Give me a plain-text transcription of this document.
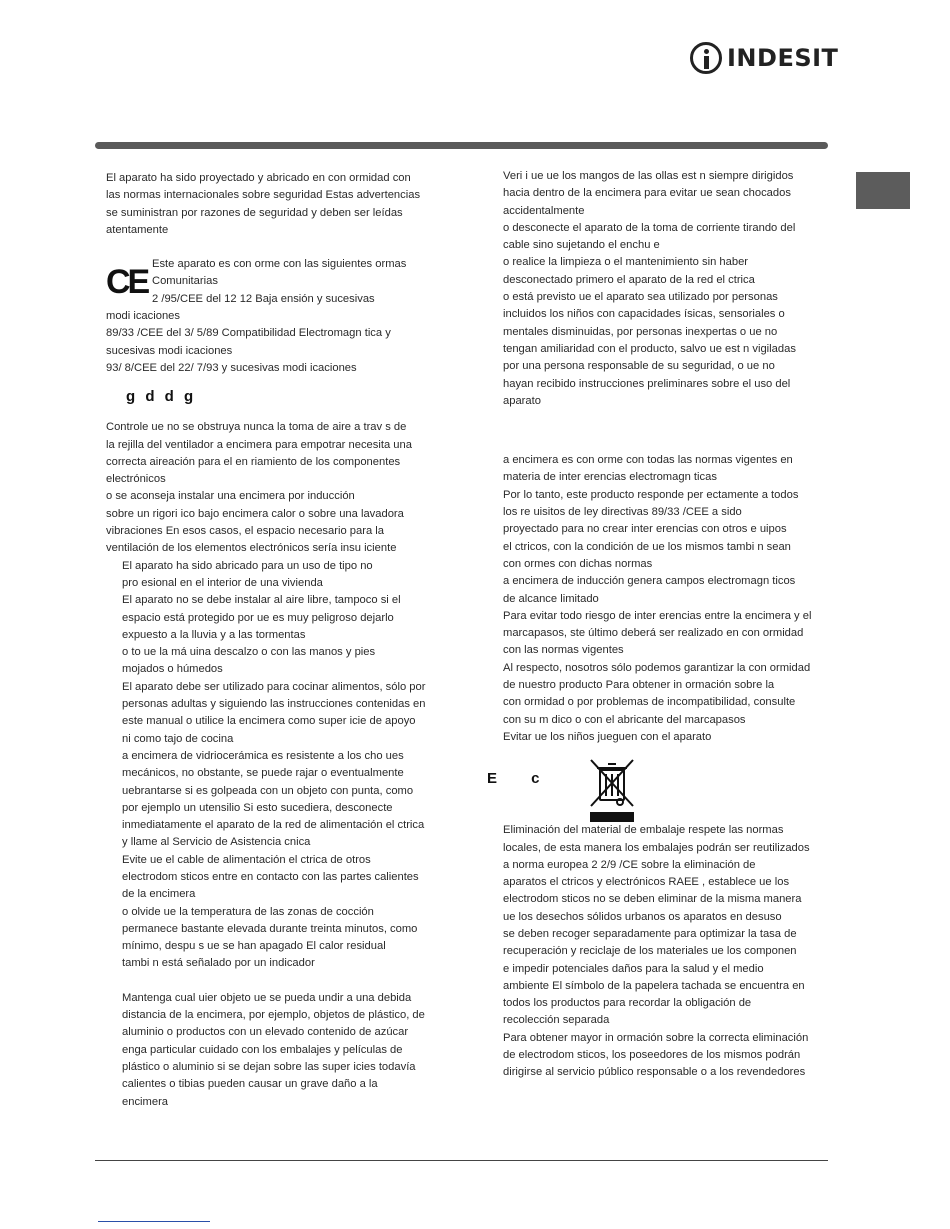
INDESIT

El aparato ha sido proyectado y abricado en con ormidad con

las normas internacionales sobre seguridad Estas advertencias

se suministran por razones de seguridad y deben ser leídas

atentamente

CE Este aparato es con orme con las siguientes ormas

Comunitarias

2 /95/CEE del 12 12 Baja ensión y sucesivas

modi icaciones

89/33 /CEE del 3/ 5/89 Compatibilidad Electromagn tica y

sucesivas modi icaciones

93/ 8/CEE del 22/ 7/93 y sucesivas modi icaciones

g d d g

Controle ue no se obstruya nunca la toma de aire a trav s de

la rejilla del ventilador a encimera para empotrar necesita una

correcta aireación para el en riamiento de los componentes

electrónicos

o se aconseja instalar una encimera por inducción

sobre un rigori ico bajo encimera calor o sobre una lavadora

vibraciones En esos casos, el espacio necesario para la

ventilación de los elementos electrónicos sería insu iciente

El aparato ha sido abricado para un uso de tipo no

pro esional en el interior de una vivienda

El aparato no se debe instalar al aire libre, tampoco si el

espacio está protegido por ue es muy peligroso dejarlo

expuesto a la lluvia y a las tormentas

o to ue la má uina descalzo o con las manos y pies

mojados o húmedos

El aparato debe ser utilizado para cocinar alimentos, sólo por

personas adultas y siguiendo las instrucciones contenidas en

este manual o utilice la encimera como super icie de apoyo

ni como tajo de cocina

a encimera de vidriocerámica es resistente a los cho ues

mecánicos, no obstante, se puede rajar o eventualmente

uebrantarse si es golpeada con un objeto con punta, como

por ejemplo un utensilio Si esto sucediera, desconecte

inmediatamente el aparato de la red de alimentación el ctrica

y llame al Servicio de Asistencia cnica

Evite ue el cable de alimentación el ctrica de otros

electrodom sticos entre en contacto con las partes calientes

de la encimera

o olvide ue la temperatura de las zonas de cocción

permanece bastante elevada durante treinta minutos, como

mínimo, despu s ue se han apagado El calor residual

tambi n está señalado por un indicador

Mantenga cual uier objeto ue se pueda undir a una debida

distancia de la encimera, por ejemplo, objetos de plástico, de

aluminio o productos con un elevado contenido de azúcar

enga particular cuidado con los embalajes y películas de

plástico o aluminio si se dejan sobre las super icies todavía

calientes o tibias pueden causar un grave daño a la

encimera

Veri i ue ue los mangos de las ollas est n siempre dirigidos

hacia dentro de la encimera para evitar ue sean chocados

accidentalmente

o desconecte el aparato de la toma de corriente tirando del

cable sino sujetando el enchu e

o realice la limpieza o el mantenimiento sin haber

desconectado primero el aparato de la red el ctrica

o está previsto ue el aparato sea utilizado por personas

incluidos los niños con capacidades ísicas, sensoriales o

mentales disminuidas, por personas inexpertas o ue no

tengan amiliaridad con el producto, salvo ue est n vigiladas

por una persona responsable de su seguridad, o ue no

hayan recibido instrucciones preliminares sobre el uso del

aparato

a encimera es con orme con todas las normas vigentes en

materia de inter erencias electromagn ticas

Por lo tanto, este producto responde per ectamente a todos

los re uisitos de ley directivas 89/33 /CEE a sido

proyectado para no crear inter erencias con otros e uipos

el ctricos, con la condición de ue los mismos tambi n sean

con ormes con dichas normas

a encimera de inducción genera campos electromagn ticos

de alcance limitado

Para evitar todo riesgo de inter erencias entre la encimera y el

marcapasos, ste último deberá ser realizado en con ormidad

con las normas vigentes

Al respecto, nosotros sólo podemos garantizar la con ormidad

de nuestro producto Para obtener in ormación sobre la

con ormidad o por problemas de incompatibilidad, consulte

con su m dico o con el abricante del marcapasos

Evitar ue los niños jueguen con el aparato

E c

Eliminación del material de embalaje respete las normas

locales, de esta manera los embalajes podrán ser reutilizados

a norma europea 2 2/9 /CE sobre la eliminación de

aparatos el ctricos y electrónicos RAEE , establece ue los

electrodom sticos no se deben eliminar de la misma manera

ue los desechos sólidos urbanos os aparatos en desuso

se deben recoger separadamente para optimizar la tasa de

recuperación y reciclaje de los materiales ue los componen

e impedir potenciales daños para la salud y el medio

ambiente El símbolo de la papelera tachada se encuentra en

todos los productos para recordar la obligación de

recolección separada

Para obtener mayor in ormación sobre la correcta eliminación

de electrodom sticos, los poseedores de los mismos podrán

dirigirse al servicio público responsable o a los revendedores
